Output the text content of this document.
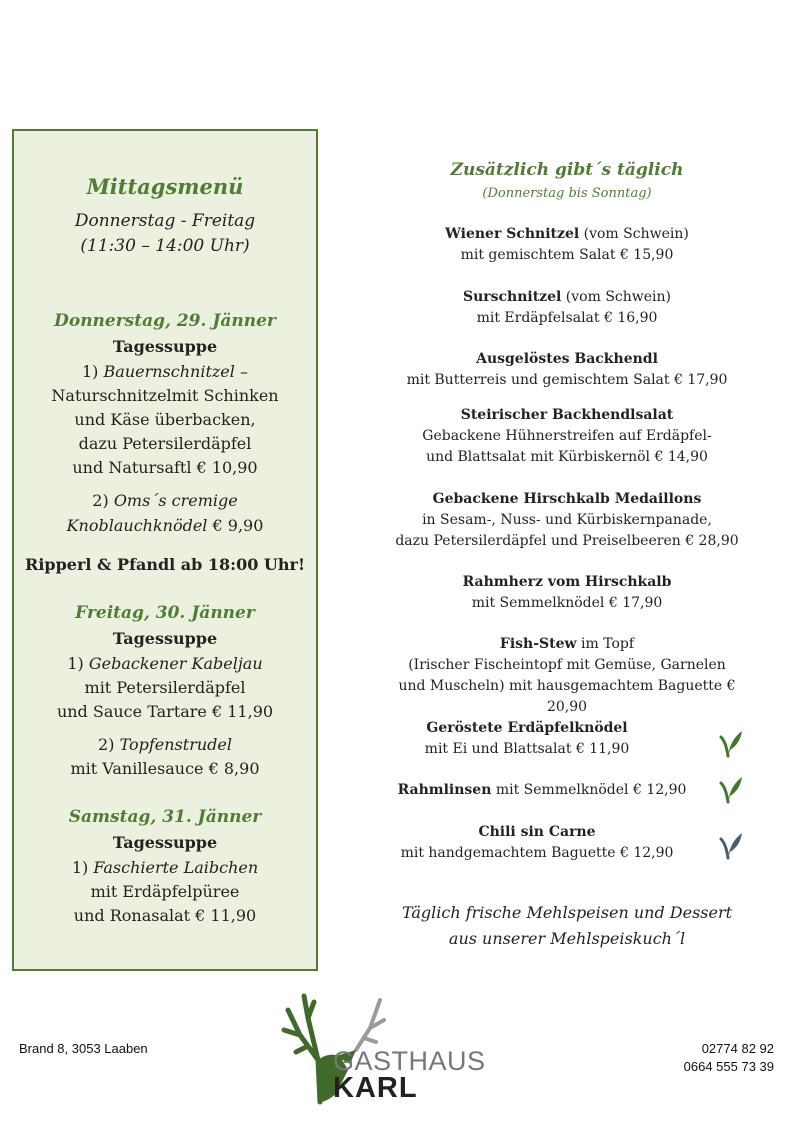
Mittagsmenü
Donnerstag - Freitag
(11:30 – 14:00 Uhr)
Donnerstag, 29. Jänner
Tagessuppe
1) Bauernschnitzel –
Naturschnitzelmit Schinken
und Käse überbacken,
dazu Petersilerdäpfel
und Natursaftl € 10,90
2) Oms´s cremige
Knoblauchknödel € 9,90
Ripperl & Pfandl ab 18:00 Uhr!
Freitag, 30. Jänner
Tagessuppe
1) Gebackener Kabeljau
mit Petersilerdäpfel
und Sauce Tartare € 11,90
2) Topfenstrudel
mit Vanillesauce € 8,90
Samstag, 31. Jänner
Tagessuppe
1) Faschierte Laibchen
mit Erdäpfelpüree
und Ronasalat € 11,90
Zusätzlich gibt´s täglich
(Donnerstag bis Sonntag)
Wiener Schnitzel (vom Schwein)
mit gemischtem Salat € 15,90
Surschnitzel (vom Schwein)
mit Erdäpfelsalat € 16,90
Ausgelöstes Backhendl
mit Butterreis und gemischtem Salat € 17,90
Steirischer Backhendlsalat
Gebackene Hühnerstreifen auf Erdäpfel-
und Blattsalat mit Kürbiskernöl € 14,90
Gebackene Hirschkalb Medaillons
in Sesam-, Nuss- und Kürbiskernpanade,
dazu Petersilerdäpfel und Preiselbeeren € 28,90
Rahmherz vom Hirschkalb
mit Semmelknödel € 17,90
Fish-Stew im Topf
(Irischer Fischeintopf mit Gemüse, Garnelen
und Muscheln) mit hausgemachtem Baguette € 20,90
Geröstete Erdäpfelknödel
mit Ei und Blattsalat € 11,90
Rahmlinsen mit Semmelknödel € 12,90
Chili sin Carne
mit handgemachtem Baguette € 12,90
Täglich frische Mehlspeisen und Dessert
aus unserer Mehlspeiskuch´l
Brand 8, 3053 Laaben	02774 82 92
0664 555 73 39
GASTHAUS
KARL
